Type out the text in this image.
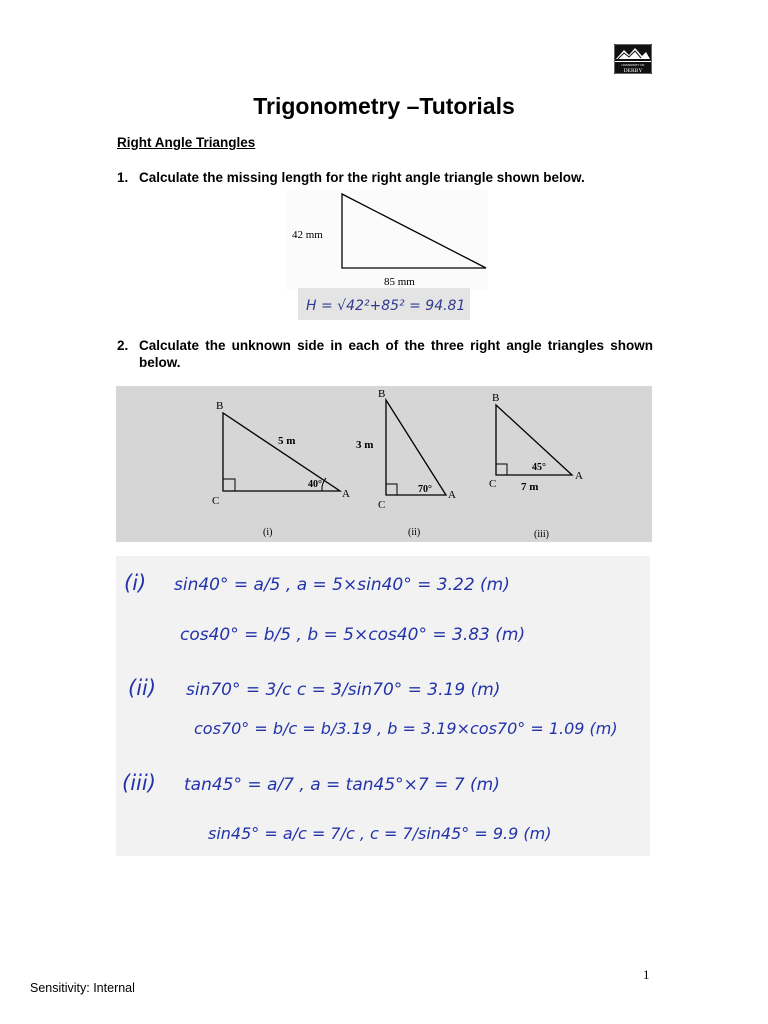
UNIVERSITY OF
DERBY
Trigonometry –Tutorials
Right Angle Triangles
1. Calculate the missing length for the right angle triangle shown below.
42 mm
85 mm
H = √42²+85² = 94.81
2. Calculate the unknown side in each of the three right angle triangles shown below.
B
C
A
5 m
40°
(i)
B
C
A
3 m
70°
(ii)
B
C
A
7 m
45°
(iii)
(i) sin40° = a/5 , a = 5×sin40° = 3.22 (m)
cos40° = b/5 , b = 5×cos40° = 3.83 (m)
(ii) sin70° = 3/c c = 3/sin70° = 3.19 (m)
cos70° = b/c = b/3.19 , b = 3.19×cos70° = 1.09 (m)
(iii) tan45° = a/7 , a = tan45°×7 = 7 (m)
sin45° = a/c = 7/c , c = 7/sin45° = 9.9 (m)
1
Sensitivity: Internal
